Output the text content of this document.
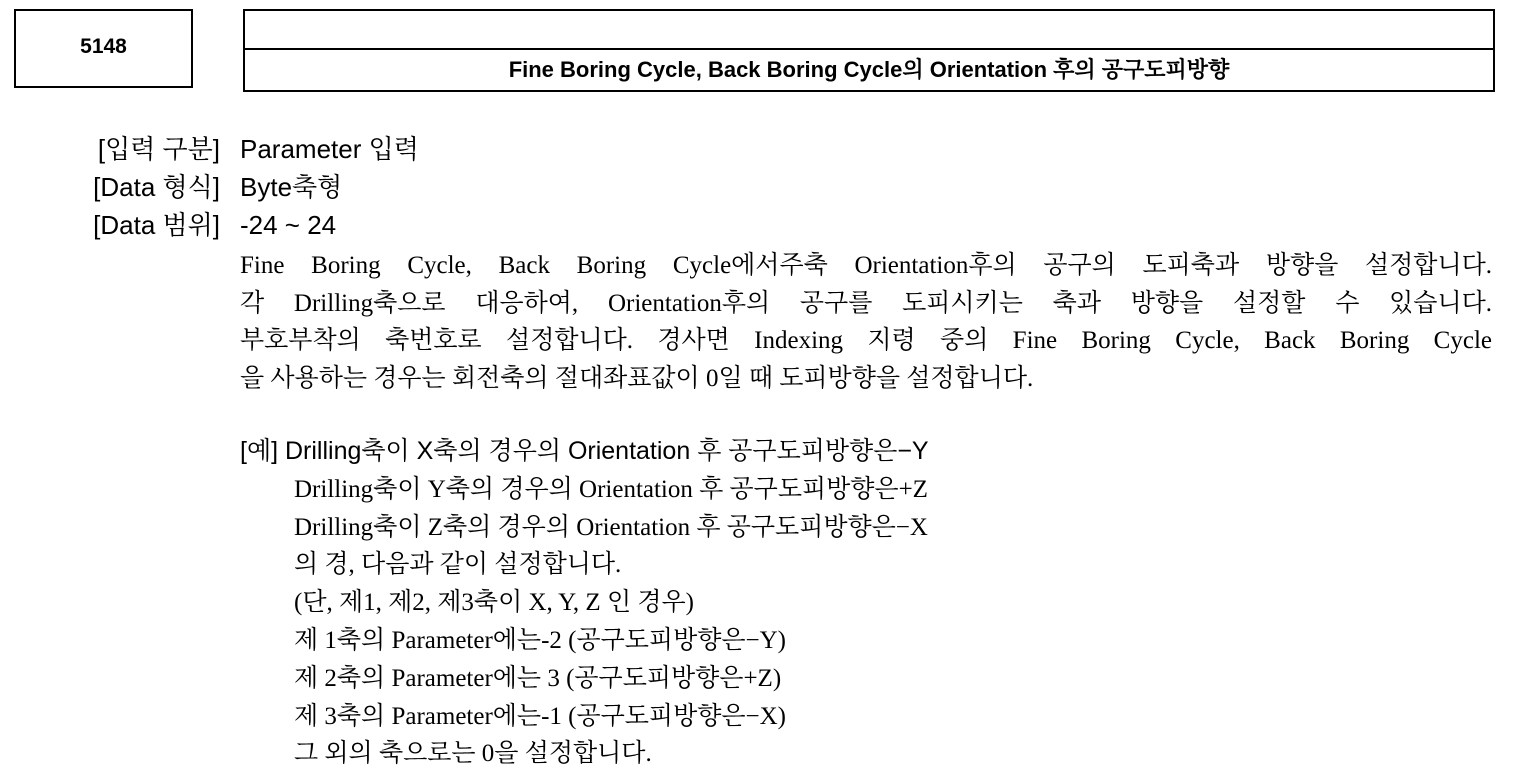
5148
Fine Boring Cycle, Back Boring Cycle의 Orientation 후의 공구도피방향
[입력 구분] Parameter 입력
[Data 형식] Byte축형
[Data 범위] -24 ~ 24
Fine Boring Cycle, Back Boring Cycle에서주축 Orientation후의 공구의 도피축과 방향을 설정합니다.
각 Drilling축으로 대응하여, Orientation후의 공구를 도피시키는 축과 방향을 설정할 수 있습니다.
부호부착의 축번호로 설정합니다. 경사면 Indexing 지령 중의 Fine Boring Cycle, Back Boring Cycle
을 사용하는 경우는 회전축의 절대좌표값이 0일 때 도피방향을 설정합니다.
[예] Drilling축이 X축의 경우의 Orientation 후 공구도피방향은−Y
Drilling축이 Y축의 경우의 Orientation 후 공구도피방향은+Z
Drilling축이 Z축의 경우의 Orientation 후 공구도피방향은−X
의 경, 다음과 같이 설정합니다.
(단, 제1, 제2, 제3축이 X, Y, Z 인 경우)
제 1축의 Parameter에는-2 (공구도피방향은−Y)
제 2축의 Parameter에는 3 (공구도피방향은+Z)
제 3축의 Parameter에는-1 (공구도피방향은−X)
그 외의 축으로는 0을 설정합니다.
